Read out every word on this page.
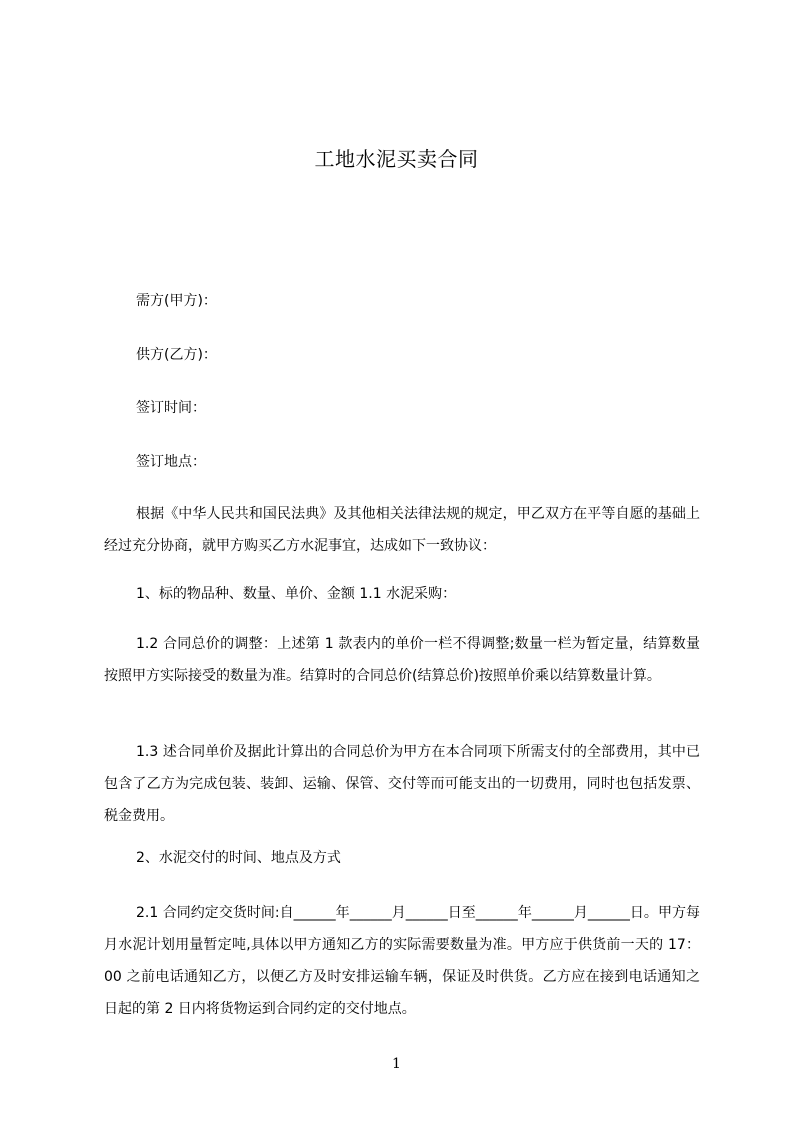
工地水泥买卖合同
需方(甲方)：
供方(乙方)：
签订时间：
签订地点：

根据《中华人民共和国民法典》及其他相关法律法规的规定，甲乙双方在平等自愿的基础上经过充分协商，就甲方购买乙方水泥事宜，达成如下一致协议：

1、标的物品种、数量、单价、金额 1.1 水泥采购：

1.2 合同总价的调整：上述第 1 款表内的单价一栏不得调整;数量一栏为暂定量，结算数量按照甲方实际接受的数量为准。结算时的合同总价(结算总价)按照单价乘以结算数量计算。

1.3 述合同单价及据此计算出的合同总价为甲方在本合同项下所需支付的全部费用，其中已包含了乙方为完成包装、装卸、运输、保管、交付等而可能支出的一切费用，同时也包括发票、税金费用。

2、水泥交付的时间、地点及方式

2.1 合同约定交货时间:自______年______月______日至______年______月______日。甲方每月水泥计划用量暂定吨,具体以甲方通知乙方的实际需要数量为准。甲方应于供货前一天的 17：00 之前电话通知乙方，以便乙方及时安排运输车辆，保证及时供货。乙方应在接到电话通知之日起的第 2 日内将货物运到合同约定的交付地点。

1
